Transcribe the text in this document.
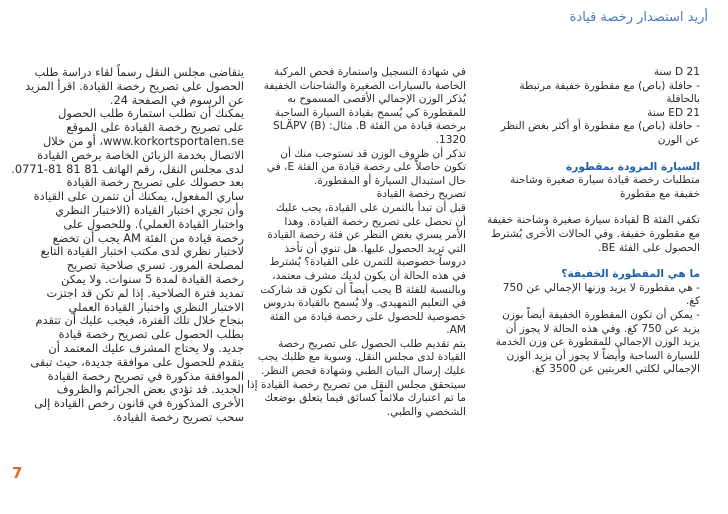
أريد استصدار رخصة قيادة
21 D سنة
- حافلة (باص) مع مقطورة خفيفة مرتبطة
بالحافلة
21 ED سنة
- حافلة (باص) مع مقطورة أو أكثر بغض النظر
عن الوزن
السيارة المزودة بمقطورة
متطلبات رخصة قيادة سيارة صغيرة وشاحنة
خفيفة مع مقطورة
تكفي الفئة B لقيادة سيارة صغيرة وشاحنة خفيفة
مع مقطورة خفيفة. وفي الحالات الأخرى يُشترط
الحصول على الفئة BE.
ما هي المقطورة الخفيفة؟
- هي مقطورة لا يزيد وزنها الإجمالي عن 750
كغ.
- يمكن أن تكون المقطورة الخفيفة أيضاً بوزن
يزيد عن 750 كغ. وفي هذه الحالة لا يجوز أن
يزيد الوزن الإجمالي للمقطورة عن وزن الخدمة
للسيارة الساحبة وأيضاً لا يجوز أن يزيد الوزن
الإجمالي لكلتي العربتين عن 3500 كغ.
في شهادة التسجيل واستمارة فحص المركبة
الخاصة بالسيارات الصغيرة والشاحنات الخفيفة
يُذكر الوزن الإجمالي الأقصى المسموح به
للمقطورة كي يُسمح بقيادة السيارة الساحبة
برخصة قيادة من الفئة B. مثال: SLÄPV (B)
1320.
تذكر أن ظروف الوزن قد تستوجب منك أن
تكون حاصلاً على رخصة قيادة من الفئة E، في
حال استبدال السيارة أو المقطورة.
تصريح رخصة القيادة
قبل أن تبدأ بالتمرن على القيادة، يجب عليك
أن تحصل على تصريح رخصة القيادة. وهذا
الأمر يسري بغض النظر عن فئة رخصة القيادة
التي تريد الحصول عليها. هل تنوي أن تأخذ
دروساً خصوصية للتمرن على القيادة؟ يُشترط
في هذه الحالة أن يكون لديك مشرف معتمد،
وبالنسبة للفئة B يجب أيضاً أن تكون قد شاركت
في التعليم التمهيدي. ولا يُسمح بالقيادة بدروس
خصوصية للحصول على رخصة قيادة من الفئة
AM.
يتم تقديم طلب الحصول على تصريح رخصة
القيادة لدى مجلس النقل. وسوية مع طلبك يجب
عليك إرسال البيان الطبي وشهادة فحص النظر.
سيتحقق مجلس النقل من تصريح رخصة القيادة إذا
ما تم اعتبارك ملائماً كسائق فيما يتعلق بوضعك
الشخصي والطبي.
يتقاضى مجلس النقل رسماً لقاء دراسة طلب
الحصول على تصريح رخصة القيادة. اقرأ المزيد
عن الرسوم في الصفحة 24.
يمكنك أن تطلب استمارة طلب الحصول
على تصريح رخصة القيادة على الموقع
www.korkortsportalen.se، أو من خلال
الاتصال بخدمة الزبائن الخاصة برخص القيادة
لدى مجلس النقل، رقم الهاتف 81 81 81-0771.
بعد حصولك على تصريح رخصة القيادة
ساري المفعول، يمكنك أن تتمرن على القيادة
وأن تجري اختبار القيادة (الاختبار النظري
واختبار القيادة العملي). وللحصول على
رخصة قيادة من الفئة AM يجب أن تخضع
لاختبار نظري لدى مكتب اختبار القيادة التابع
لمصلحة المرور. تسري صلاحية تصريح
رخصة القيادة لمدة 5 سنوات. ولا يمكن
تمديد فترة الصلاحية. إذا لم تكن قد اجتزت
الاختبار النظري واختبار القيادة العملي
بنجاح خلال تلك الفترة، فيجب عليك أن تتقدم
بطلب الحصول على تصريح رخصة قيادة
جديد. ولا يحتاج المشرف عليك المعتمد أن
يتقدم للحصول على موافقة جديدة، حيث تبقى
الموافقة مذكورة في تصريح رخصة القيادة
الجديد. قد تؤدي بعض الجرائم والظروف
الأخرى المذكورة في قانون رخص القيادة إلى
سحب تصريح رخصة القيادة.
7
